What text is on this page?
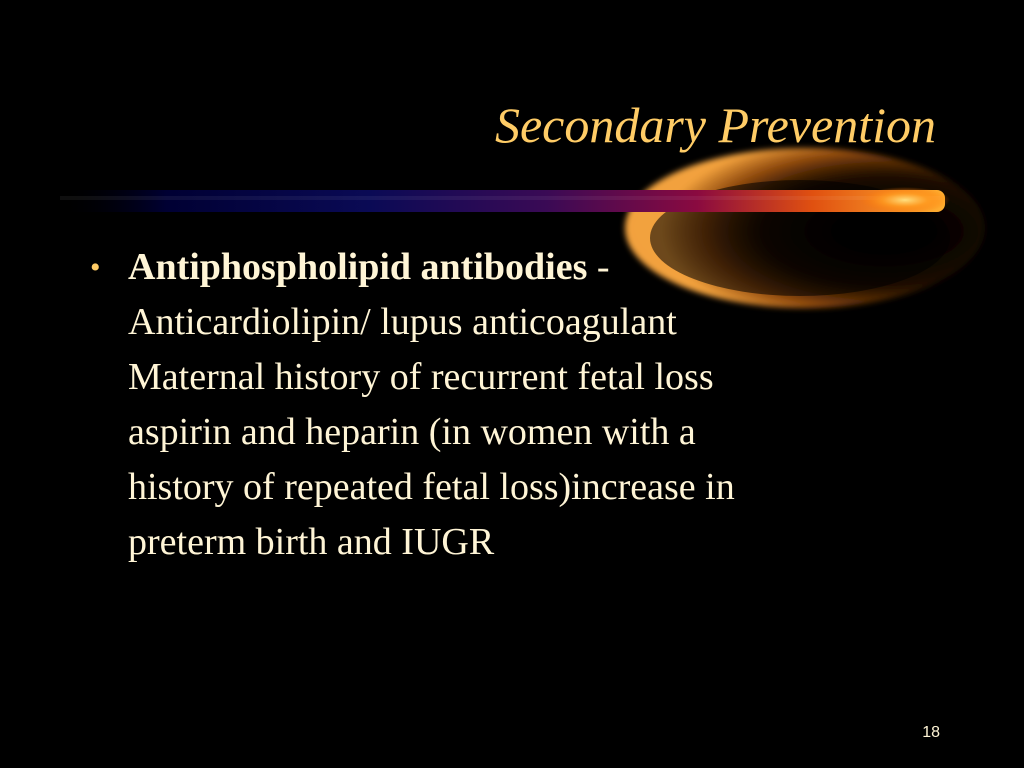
Secondary Prevention
• Antiphospholipid antibodies -
Anticardiolipin/ lupus anticoagulant
Maternal history of recurrent fetal loss
aspirin and heparin (in women with a
history of repeated fetal loss)increase in
preterm birth and IUGR
18
